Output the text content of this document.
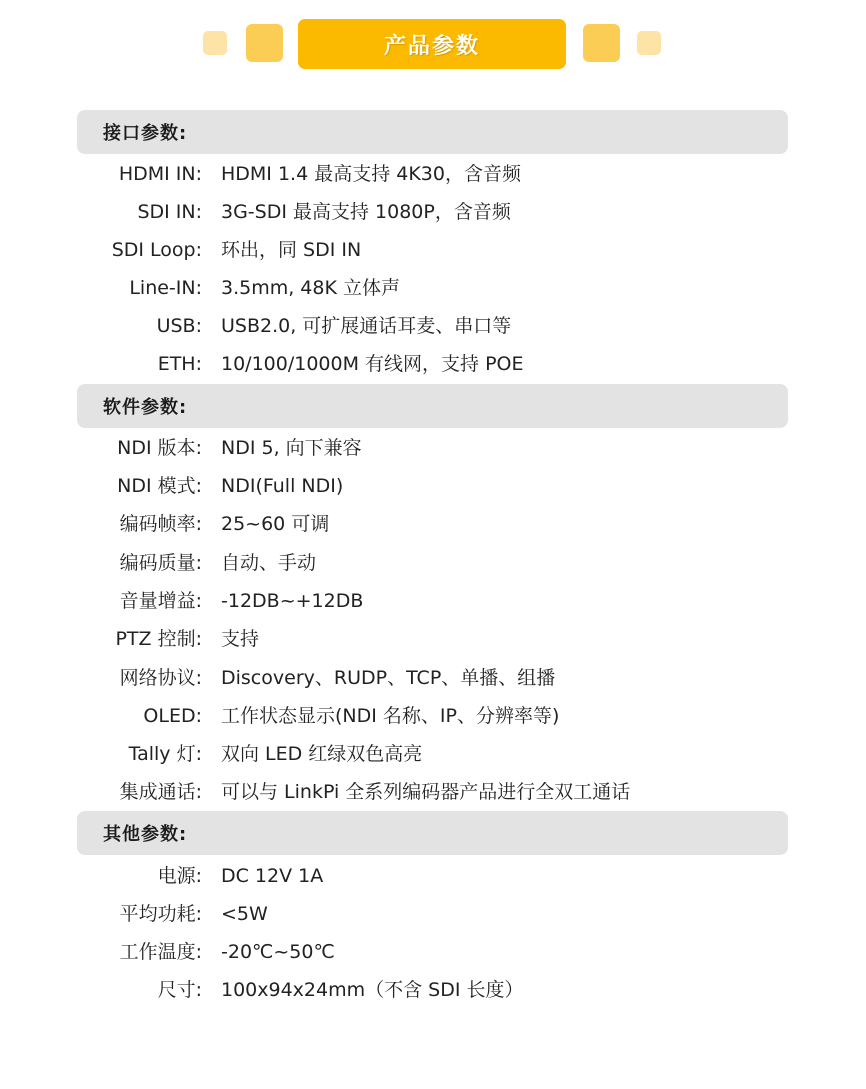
产品参数
接口参数:
HDMI IN: HDMI 1.4 最高支持 4K30，含音频
SDI IN: 3G-SDI 最高支持 1080P，含音频
SDI Loop: 环出，同 SDI IN
Line-IN: 3.5mm, 48K 立体声
USB: USB2.0, 可扩展通话耳麦、串口等
ETH: 10/100/1000M 有线网，支持 POE
软件参数:
NDI 版本: NDI 5, 向下兼容
NDI 模式: NDI(Full NDI)
编码帧率: 25~60 可调
编码质量: 自动、手动
音量增益: -12DB~+12DB
PTZ 控制: 支持
网络协议: Discovery、RUDP、TCP、单播、组播
OLED: 工作状态显示(NDI 名称、IP、分辨率等)
Tally 灯: 双向 LED 红绿双色高亮
集成通话: 可以与 LinkPi 全系列编码器产品进行全双工通话
其他参数:
电源: DC 12V 1A
平均功耗: <5W
工作温度: -20℃~50℃
尺寸: 100x94x24mm（不含 SDI 长度）
